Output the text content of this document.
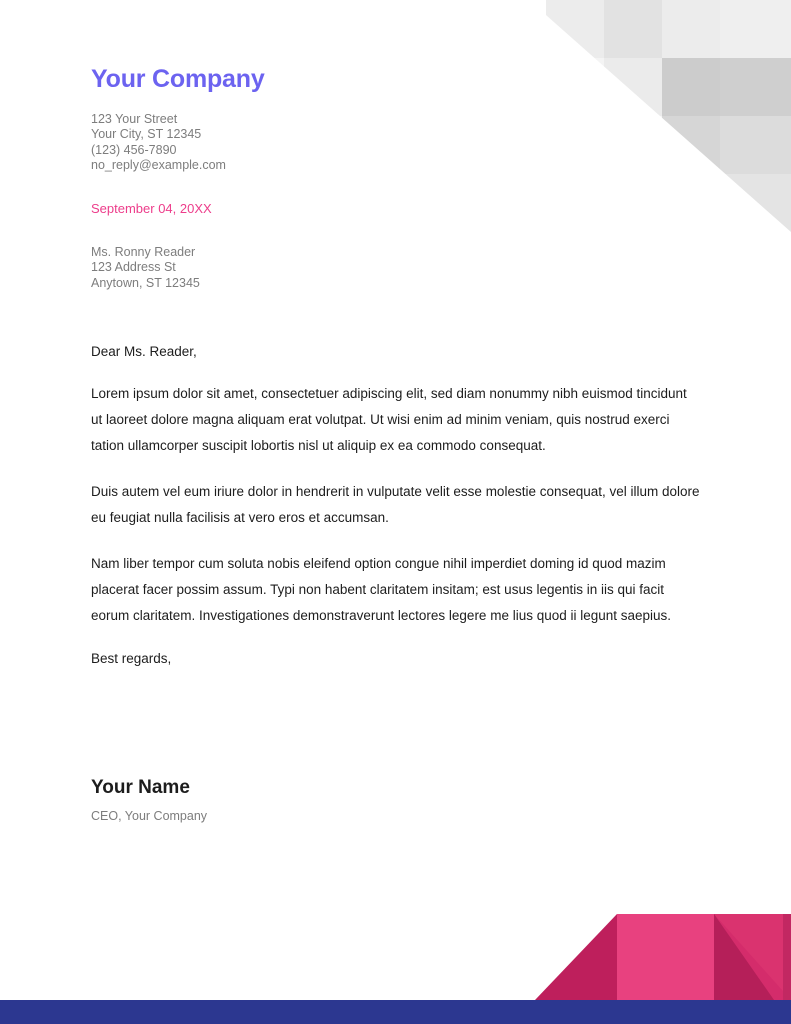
Your Company
123 Your Street
Your City, ST 12345
(123) 456-7890
no_reply@example.com
September 04, 20XX
Ms. Ronny Reader
123 Address St
Anytown, ST 12345
Dear Ms. Reader,

Lorem ipsum dolor sit amet, consectetuer adipiscing elit, sed diam nonummy nibh euismod tincidunt ut laoreet dolore magna aliquam erat volutpat. Ut wisi enim ad minim veniam, quis nostrud exerci tation ullamcorper suscipit lobortis nisl ut aliquip ex ea commodo consequat.

Duis autem vel eum iriure dolor in hendrerit in vulputate velit esse molestie consequat, vel illum dolore eu feugiat nulla facilisis at vero eros et accumsan.

Nam liber tempor cum soluta nobis eleifend option congue nihil imperdiet doming id quod mazim placerat facer possim assum. Typi non habent claritatem insitam; est usus legentis in iis qui facit eorum claritatem. Investigationes demonstraverunt lectores legere me lius quod ii legunt saepius.

Best regards,
Your Name
CEO, Your Company
